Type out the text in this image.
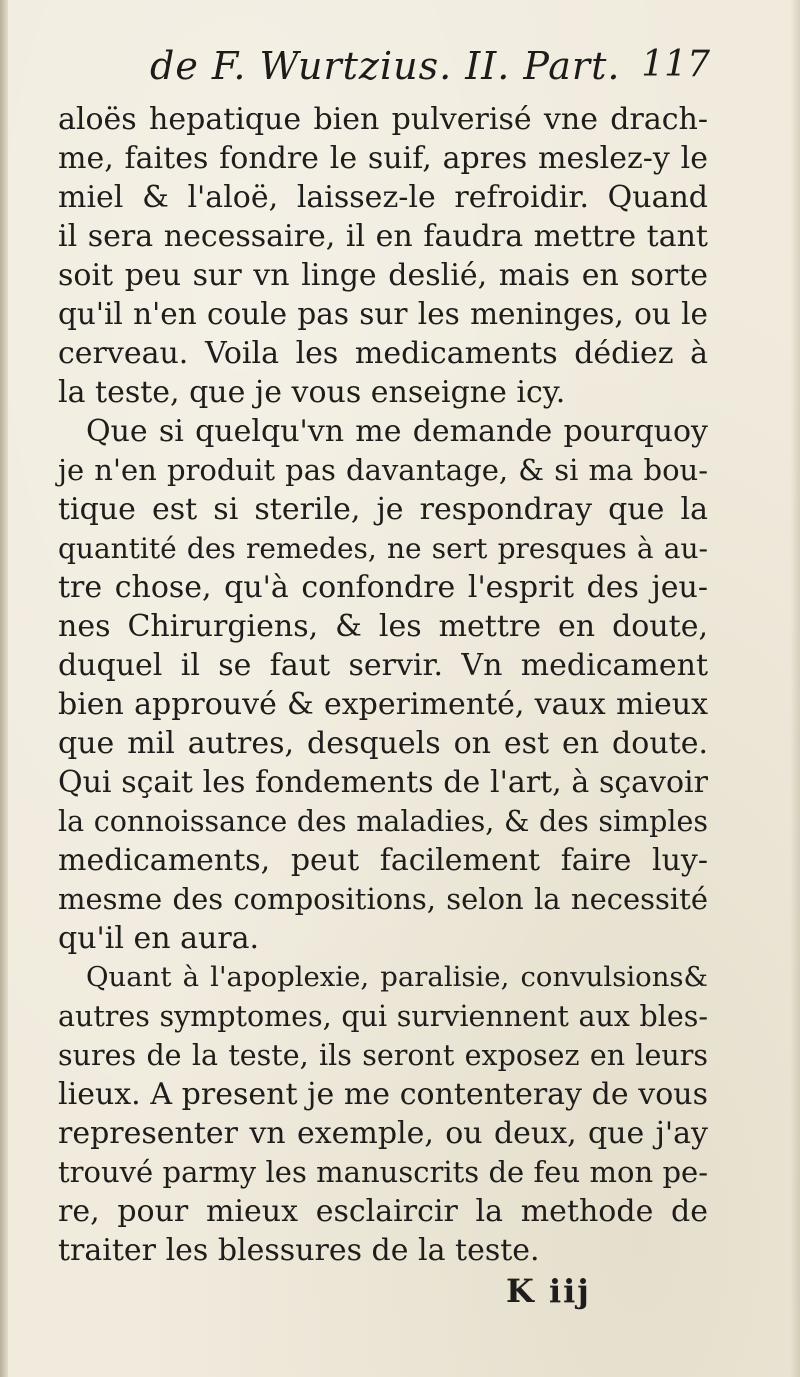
de F. Wurtzius. II. Part. 117
aloës hepatique bien pulverisé vne drach-
me, faites fondre le suif, apres meslez-y le
miel & l'aloë, laissez-le refroidir. Quand
il sera necessaire, il en faudra mettre tant
soit peu sur vn linge deslié, mais en sorte
qu'il n'en coule pas sur les meninges, ou le
cerveau. Voila les medicaments dédiez à
la teste, que je vous enseigne icy.
Que si quelqu'vn me demande pourquoy
je n'en produit pas davantage, & si ma bou-
tique est si sterile, je respondray que la
quantité des remedes, ne sert presques à au-
tre chose, qu'à confondre l'esprit des jeu-
nes Chirurgiens, & les mettre en doute,
duquel il se faut servir. Vn medicament
bien approuvé & experimenté, vaux mieux
que mil autres, desquels on est en doute.
Qui sçait les fondements de l'art, à sçavoir
la connoissance des maladies, & des simples
medicaments, peut facilement faire luy-
mesme des compositions, selon la necessité
qu'il en aura.
Quant à l'apoplexie, paralisie, convulsions&
autres symptomes, qui surviennent aux bles-
sures de la teste, ils seront exposez en leurs
lieux. A present je me contenteray de vous
representer vn exemple, ou deux, que j'ay
trouvé parmy les manuscrits de feu mon pe-
re, pour mieux esclaircir la methode de
traiter les blessures de la teste.
K iij
